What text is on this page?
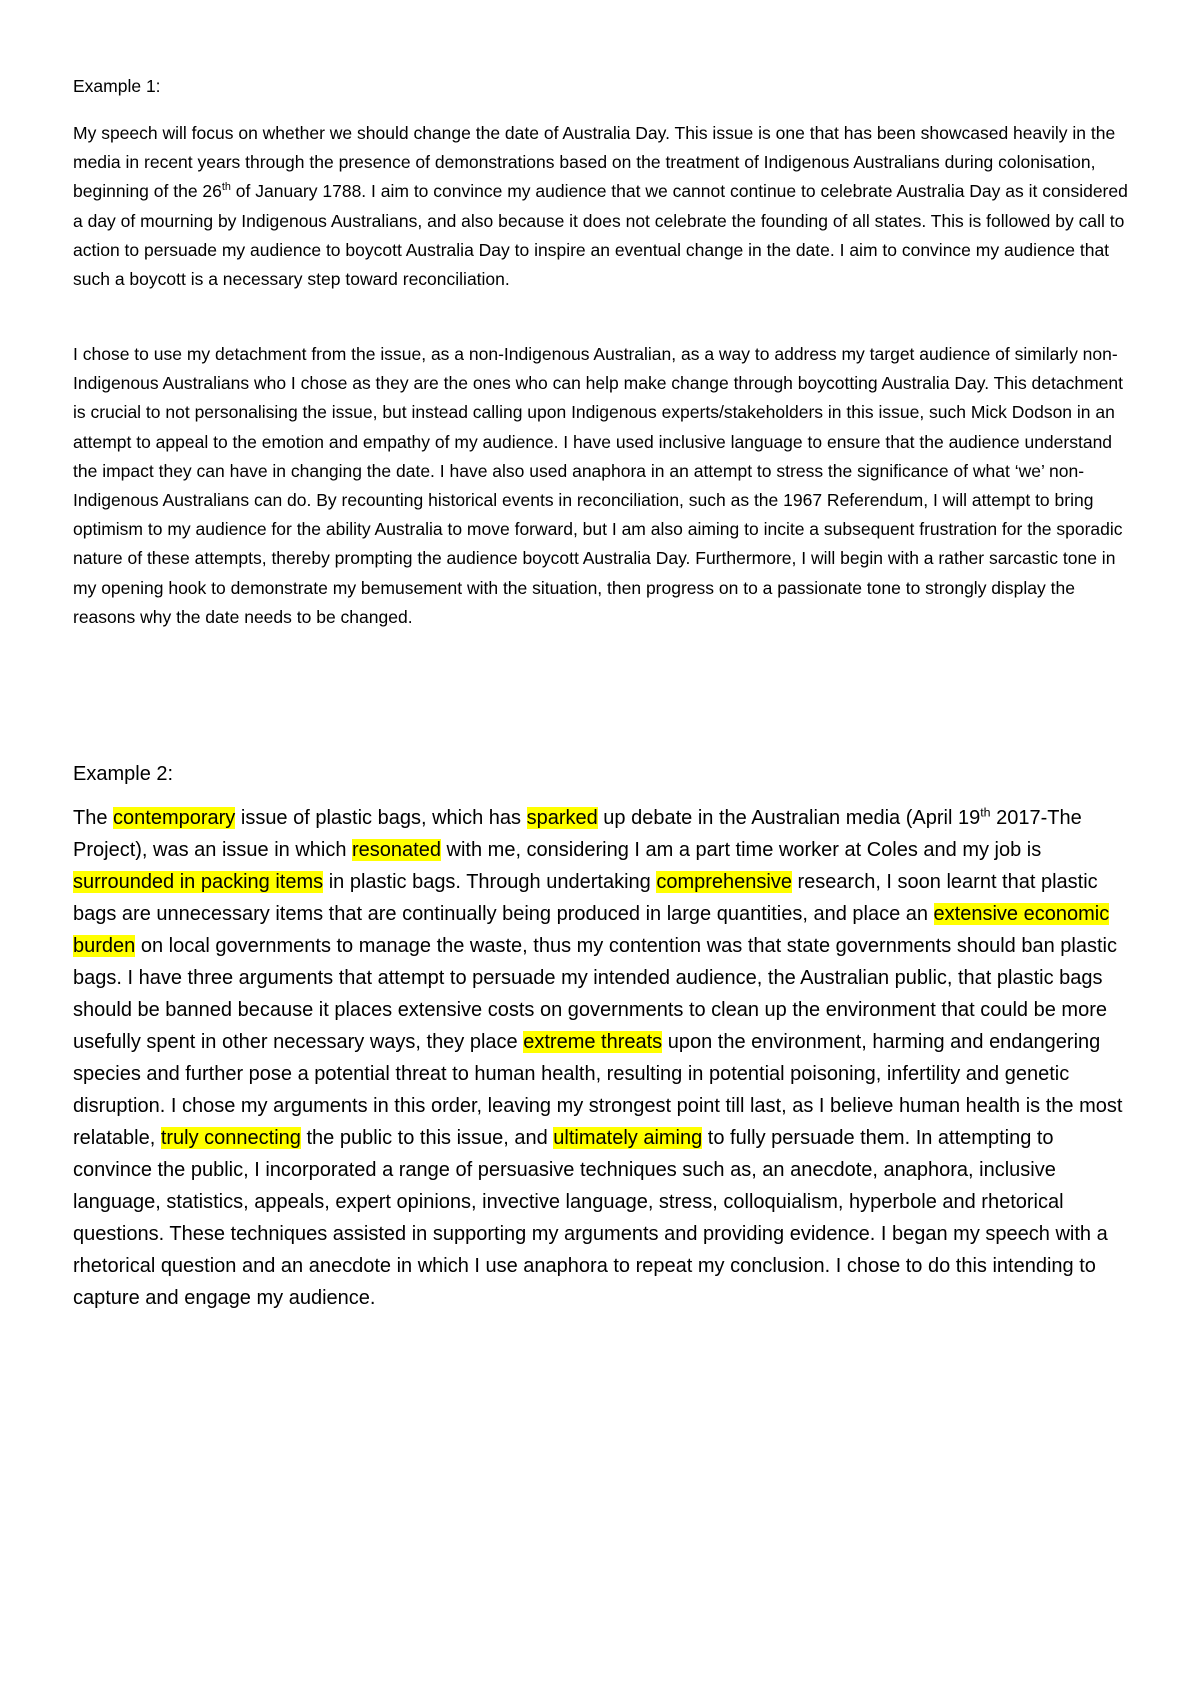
Example 1:

My speech will focus on whether we should change the date of Australia Day. This issue is one that has been showcased heavily in the media in recent years through the presence of demonstrations based on the treatment of Indigenous Australians during colonisation, beginning of the 26th of January 1788. I aim to convince my audience that we cannot continue to celebrate Australia Day as it considered a day of mourning by Indigenous Australians, and also because it does not celebrate the founding of all states. This is followed by call to action to persuade my audience to boycott Australia Day to inspire an eventual change in the date. I aim to convince my audience that such a boycott is a necessary step toward reconciliation.

I chose to use my detachment from the issue, as a non-Indigenous Australian, as a way to address my target audience of similarly non-Indigenous Australians who I chose as they are the ones who can help make change through boycotting Australia Day. This detachment is crucial to not personalising the issue, but instead calling upon Indigenous experts/stakeholders in this issue, such Mick Dodson in an attempt to appeal to the emotion and empathy of my audience. I have used inclusive language to ensure that the audience understand the impact they can have in changing the date. I have also used anaphora in an attempt to stress the significance of what ‘we’ non-Indigenous Australians can do. By recounting historical events in reconciliation, such as the 1967 Referendum, I will attempt to bring optimism to my audience for the ability Australia to move forward, but I am also aiming to incite a subsequent frustration for the sporadic nature of these attempts, thereby prompting the audience boycott Australia Day. Furthermore, I will begin with a rather sarcastic tone in my opening hook to demonstrate my bemusement with the situation, then progress on to a passionate tone to strongly display the reasons why the date needs to be changed.

Example 2:

The contemporary issue of plastic bags, which has sparked up debate in the Australian media (April 19th 2017-The Project), was an issue in which resonated with me, considering I am a part time worker at Coles and my job is surrounded in packing items in plastic bags. Through undertaking comprehensive research, I soon learnt that plastic bags are unnecessary items that are continually being produced in large quantities, and place an extensive economic burden on local governments to manage the waste, thus my contention was that state governments should ban plastic bags. I have three arguments that attempt to persuade my intended audience, the Australian public, that plastic bags should be banned because it places extensive costs on governments to clean up the environment that could be more usefully spent in other necessary ways, they place extreme threats upon the environment, harming and endangering species and further pose a potential threat to human health, resulting in potential poisoning, infertility and genetic disruption. I chose my arguments in this order, leaving my strongest point till last, as I believe human health is the most relatable, truly connecting the public to this issue, and ultimately aiming to fully persuade them. In attempting to convince the public, I incorporated a range of persuasive techniques such as, an anecdote, anaphora, inclusive language, statistics, appeals, expert opinions, invective language, stress, colloquialism, hyperbole and rhetorical questions. These techniques assisted in supporting my arguments and providing evidence. I began my speech with a rhetorical question and an anecdote in which I use anaphora to repeat my conclusion. I chose to do this intending to capture and engage my audience.
